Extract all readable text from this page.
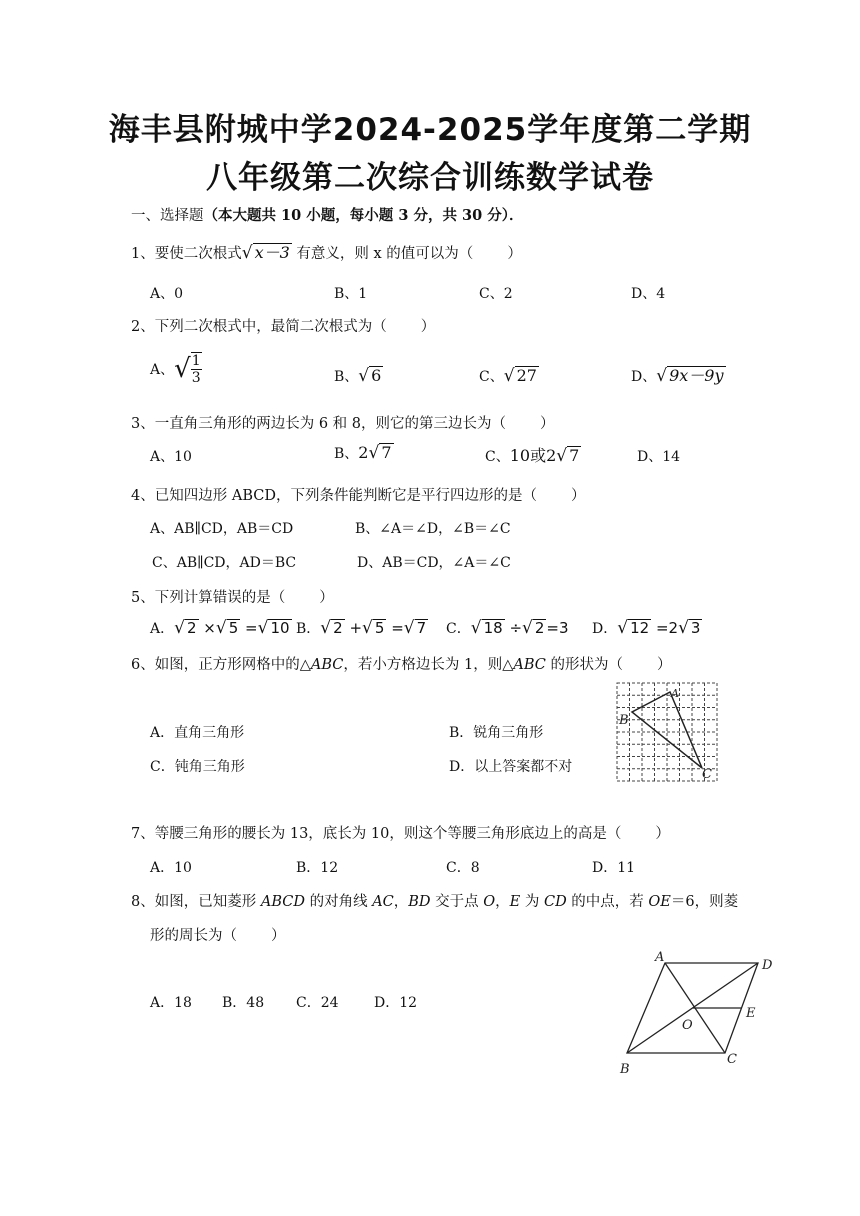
海丰县附城中学2024-2025学年度第二学期
八年级第二次综合训练数学试卷
一、选择题（本大题共 10 小题，每小题 3 分，共 30 分）．
1、要使二次根式√ x－3 有意义，则 x 的值可以为（ ）
A、0	B、1	C、2	D、4
2、下列二次根式中，最简二次根式为（ ）
A、√ $\frac{1}{3}$	B、√ 6	C、√ 27	D、√ 9x－9y
3、一直角三角形的两边长为 6 和 8，则它的第三边长为（ ）
A、10	B、2√ 7	C、10或2√ 7	D、14
4、已知四边形 ABCD，下列条件能判断它是平行四边形的是（ ）
A、AB∥CD，AB＝CD	B、∠A＝∠D，∠B＝∠C
C、AB∥CD，AD＝BC	D、AB＝CD，∠A＝∠C
5、下列计算错误的是（ ）
A．√ 2 ×√ 5 =√ 10 B．√ 2 +√ 5 =√ 7 C．√ 18 ÷√ 2 =3 D．√ 12 =2√ 3
6、如图，正方形网格中的△ABC，若小方格边长为 1，则△ABC 的形状为（ ）
A．直角三角形	B．锐角三角形
C．钝角三角形	D．以上答案都不对
A
B
C
7、等腰三角形的腰长为 13，底长为 10，则这个等腰三角形底边上的高是（ ）
A．10	B．12	C．8	D．11
8、如图，已知菱形 ABCD 的对角线 AC，BD 交于点 O，E 为 CD 的中点，若 OE＝6，则菱
形的周长为（ ）
A．18 B．48 C．24	D．12
A
D
E
O
B
C
